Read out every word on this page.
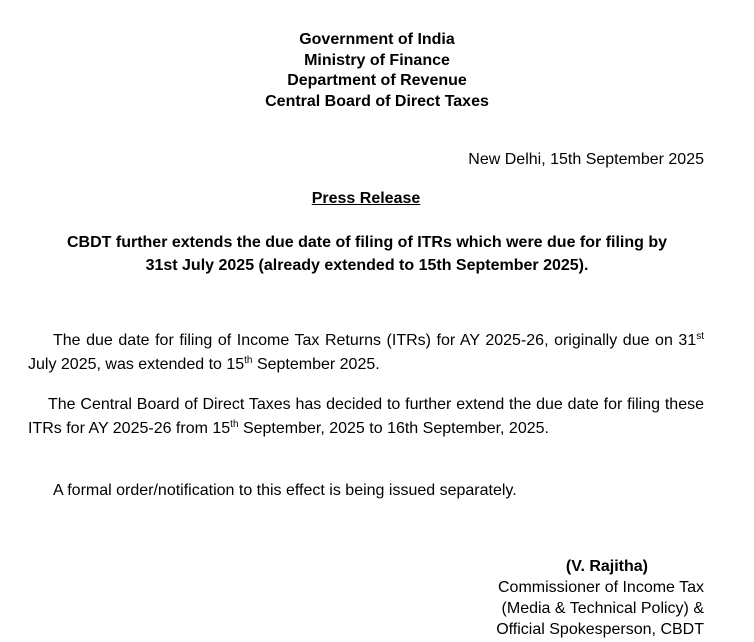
Government of India
Ministry of Finance
Department of Revenue
Central Board of Direct Taxes
New Delhi, 15th September 2025
Press Release
CBDT further extends the due date of filing of ITRs which were due for filing by
31st July 2025 (already extended to 15th September 2025).
The due date for filing of Income Tax Returns (ITRs) for AY 2025-26, originally due on 31st July 2025, was extended to 15th September 2025.
The Central Board of Direct Taxes has decided to further extend the due date for filing these ITRs for AY 2025-26 from 15th September, 2025 to 16th September, 2025.
A formal order/notification to this effect is being issued separately.
(V. Rajitha)
Commissioner of Income Tax
(Media & Technical Policy) &
Official Spokesperson, CBDT
